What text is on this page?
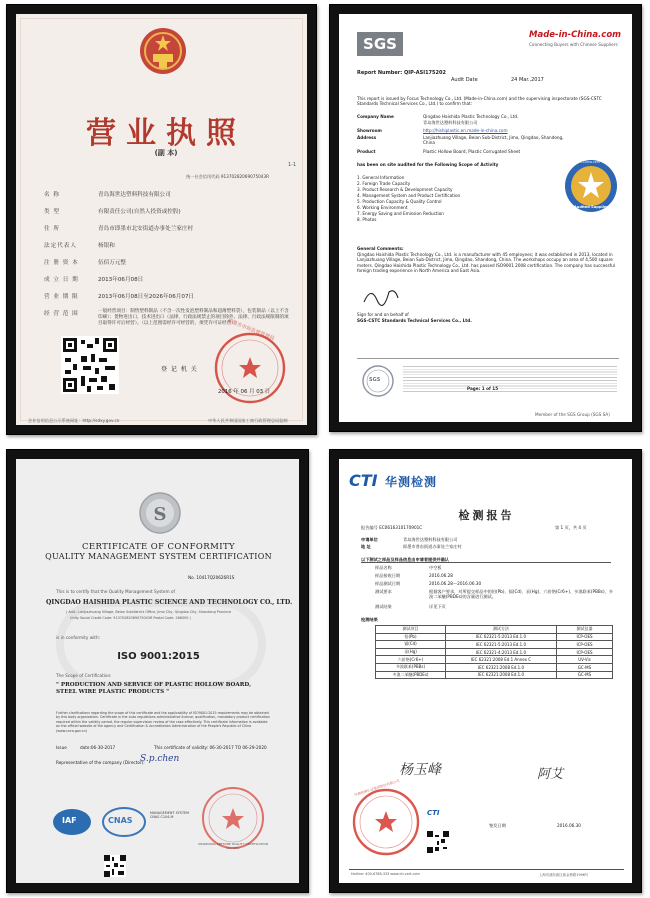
营业执照
(副 本)
1-1
统一社会信用代码 91370282069075043R
名 称	青岛海世达塑料科技有限公司
类 型	有限责任公司(自然人投资或控股)
住 所	青岛市即墨市北安街道办事处兰家庄村
法定代表人	杨银和
注 册 资 本	伍佰万元整
成 立 日 期	2013年06月08日
营 业 期 限	2013年06月08日至2026年06月07日
经 营 范 围	一般经营项目：制售塑料制品（不含一次性发泡塑料制品和超薄塑料袋），包装制品（以上不含印刷）；货物进出口，技术进出口（法律、行政法规禁止的项目除外，法律、行政法规限制的项目取得许可后经营）。（以上范围需经许可经营的，须凭许可证经营）
登 记 机 关
即墨市市场监督管理局
2016 年 06 月 03 日
企业信用信息公示系统网址：http://sdxy.gov.cn	中华人民共和国国家工商行政管理总局监制
SGS	Made-in-China.com
Connecting Buyers with Chinese Suppliers
Report Number: QIP-ASI175202
Audit Date	24 Mar.,2017
This report is issued by Focus Technology Co., Ltd. (Made-in-China.com) and the supervising inspectorate (SGS-CSTC Standards Technical Services Co., Ltd.) to confirm that:
Company Name	Qingdao Haishida Plastic Technology Co., Ltd.
青岛海世达塑料科技有限公司
Showroom	http://hishiplastic.en.made-in-china.com
Address	Lanjiazhuang Village, Beian Sub-District, Jimo, Qingdao, Shandong, China
Product	Plastic Hollow Board, Plastic Corrugated Sheet
has been on site audited for the Following Scope of Activity
1. General Information
2. Foreign Trade Capacity
3. Product Research & Development Capacity
4. Management System and Product Certification
5. Production Capacity & Quality Control
6. Working Environment
7. Energy Saving and Emission Reduction
8. Photos
Made-in-China.com
Audited Supplier
General Comments:
Qingdao Haishida Plastic Technology Co., Ltd. is a manufacturer with 45 employees; it was established in 2013, located in Lanjiazhuang Village, Beian Sub-District, Jimo, Qingdao, Shandong, China. The workshops occupy an area of 4,500 square meters. Qingdao Haishida Plastic Technology Co., Ltd. has passed ISO9001 2008 certification. The company has successful foreign trading experience in North America and East Asia.
Sign for and on behalf of
SGS-CSTC Standards Technical Services Co., Ltd.
SGS
Page: 1 of 15
Member of the SGS Group (SGS SA)
S
CERTIFICATE OF CONFORMITY
QUALITY MANAGEMENT SYSTEM CERTIFICATION
No. 10417Q20626R1S
This is to certify that the Quality Management System of
QINGDAO HAISHIDA PLASTIC SCIENCE AND TECHNOLOGY CO., LTD.
( Add.: Lanjiazhuang Village, Beian Subdistrict Office, Jimo City, Qingdao City, Shandong Province
Unity Social Credit Code: 91370282069075043R Postal Code: 266000 )
is in conformity with:
ISO 9001:2015
The Scope of Certification:
" PRODUCTION AND SERVICE OF PLASTIC HOLLOW BOARD, STEEL WIRE PLASTIC PRODUCTS "
Further clarifications regarding the scope of this certificate and the applicability of ISO9001:2015 requirements may be obtained by this body organization. Certificate in the auto regulations administrative license, qualification, mandatory product certification required within the validity period, the regular supervision review of the case effectively. This certificate information is available on the official website of the agency and Certification & Accreditation Administration of the People's Republic of China (www.cnca.gov.cn)
Issue	date:06-30-2017	This certificate of validity: 06-30-2017 TO 06-29-2020
Representative of the company (Director):
S.p.chen
IAF	CNAS
MANAGEMENT SYSTEM CNAS C104-M
SHANDONG SEETONE QUALITY CERTIFICATION CO., LTD.
CTI 华测检测
检测报告
报告编号 EC0616310170901C	第 1 页，共 4 页
申请单位	青岛海世达塑料科技有限公司
地 址	即墨市普东街道办事处兰家庄村
以下测试之样品及样品信息由申请者提供并确认
样品名称	中空板
样品接收日期	2016.06.28
样品测试日期	2016.06.28～2016.06.30
测试要求	根据客户要求，对所提交样品中的铅(Pb)、镉(Cd)、汞(Hg)、六价铬(Cr6+)、多溴联苯(PBBs)、多溴二苯醚(PBDEs)的含量进行测试。
测试结果	详见下页
检测结果
测试项目	测试方法	测试仪器
铅(Pb)	IEC 62321-5:2013 Ed.1.0	ICP-OES
镉(Cd)	IEC 62321-5:2013 Ed.1.0	ICP-OES
汞(Hg)	IEC 62321-4:2013 Ed.1.0	ICP-OES
六价铬(Cr6+)	IEC 62321:2008 Ed.1 Annex C	UV-Vis
多溴联苯(PBBs)	IEC 62321:2008 Ed.1.0	GC-MS
多溴二苯醚(PBDEs)	IEC 62321:2008 Ed.1.0	GC-MS
杨玉峰	阿艾
华测检测认证集团股份有限公司
CTI
签发日期	2016.06.30
Hotline: 400-6788-333 www.cti-cert.com	上海市浦东新区新金桥路1996号
